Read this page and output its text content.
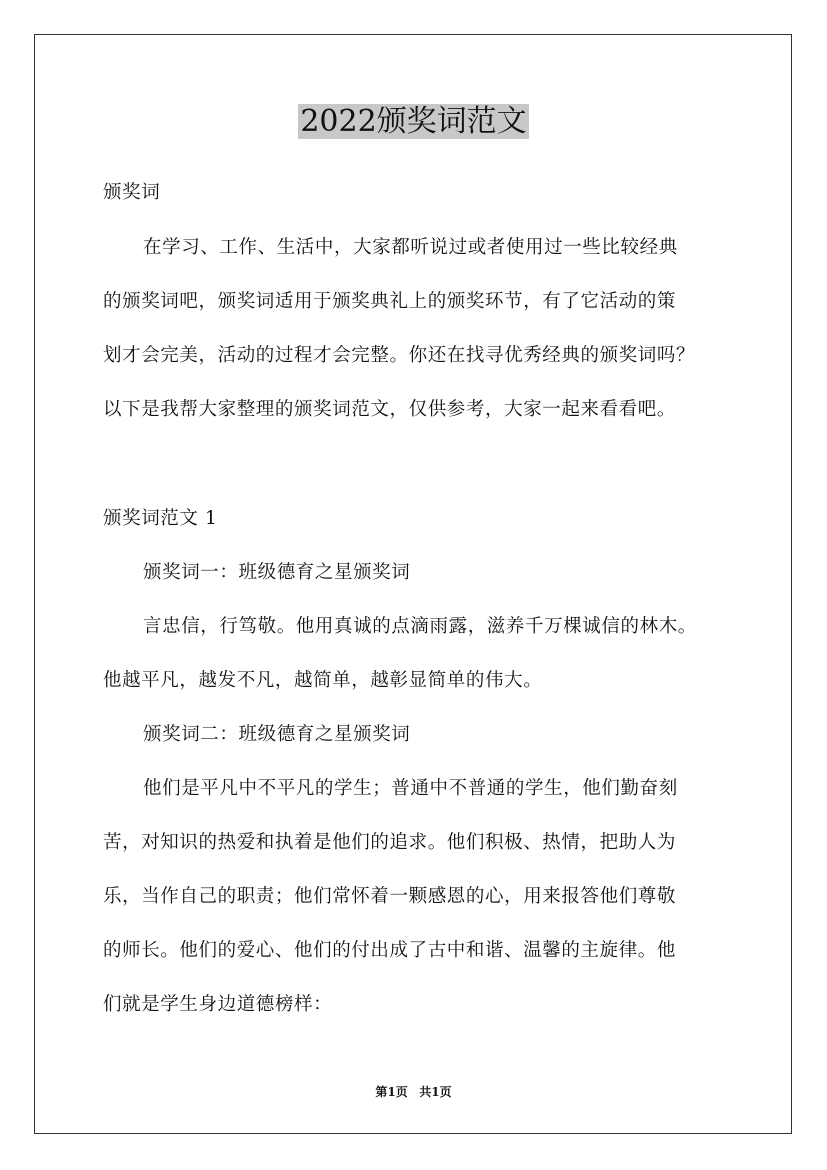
2022颁奖词范文
颁奖词
在学习、工作、生活中，大家都听说过或者使用过一些比较经典
的颁奖词吧，颁奖词适用于颁奖典礼上的颁奖环节，有了它活动的策
划才会完美，活动的过程才会完整。你还在找寻优秀经典的颁奖词吗？
以下是我帮大家整理的颁奖词范文，仅供参考，大家一起来看看吧。
颁奖词范文 1
颁奖词一：班级德育之星颁奖词
言忠信，行笃敬。他用真诚的点滴雨露，滋养千万棵诚信的林木。
他越平凡，越发不凡，越简单，越彰显简单的伟大。
颁奖词二：班级德育之星颁奖词
他们是平凡中不平凡的学生；普通中不普通的学生，他们勤奋刻
苦，对知识的热爱和执着是他们的追求。他们积极、热情，把助人为
乐，当作自己的职责；他们常怀着一颗感恩的心，用来报答他们尊敬
的师长。他们的爱心、他们的付出成了古中和谐、温馨的主旋律。他
们就是学生身边道德榜样：
第1页 共1页
